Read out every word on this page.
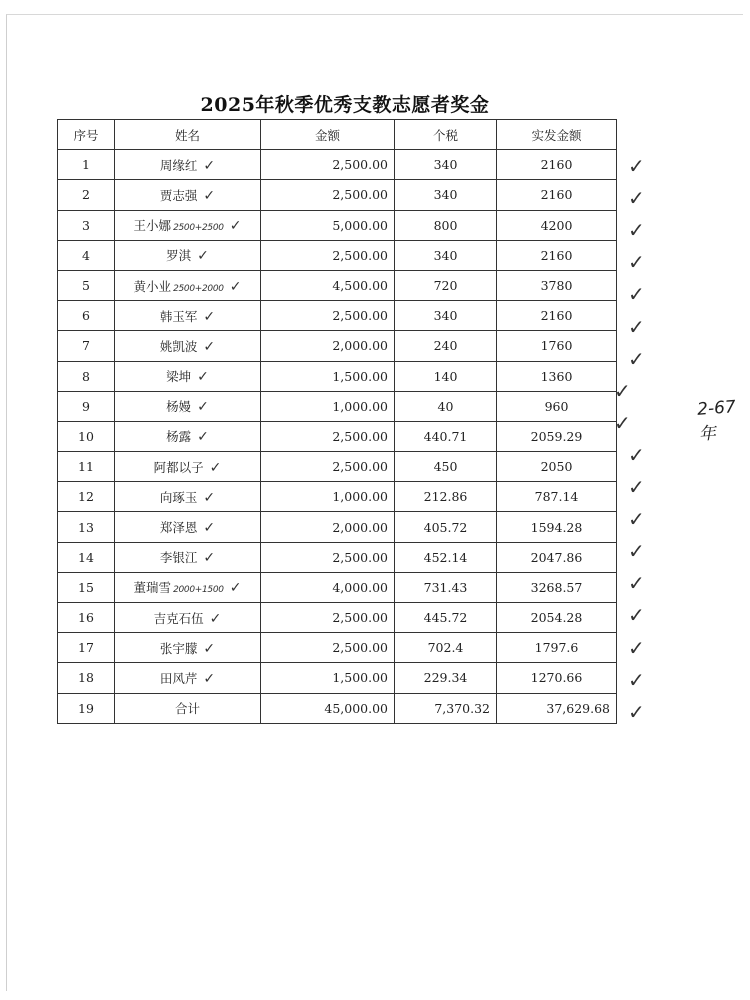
2025年秋季优秀支教志愿者奖金
序号	姓名	金额	个税	实发金额
1	周缘红 ✓	2,500.00	340	2160
2	贾志强 ✓	2,500.00	340	2160
3	王小娜 2500+2500 ✓	5,000.00	800	4200
4	罗淇 ✓	2,500.00	340	2160
5	黄小业 2500+2000 ✓	4,500.00	720	3780
6	韩玉军 ✓	2,500.00	340	2160
7	姚凯波 ✓	2,000.00	240	1760
8	梁坤 ✓	1,500.00	140	1360
9	杨嫚 ✓	1,000.00	40	960
10	杨露 ✓	2,500.00	440.71	2059.29
11	阿都以子 ✓	2,500.00	450	2050
12	向琢玉 ✓	1,000.00	212.86	787.14
13	郑泽恩 ✓	2,000.00	405.72	1594.28
14	李银江 ✓	2,500.00	452.14	2047.86
15	董瑞雪 2000+1500 ✓	4,000.00	731.43	3268.57
16	吉克石伍 ✓	2,500.00	445.72	2054.28
17	张宇朦 ✓	2,500.00	702.4	1797.6
18	田风芹 ✓	1,500.00	229.34	1270.66
19	合计	45,000.00	7,370.32	37,629.68
✓
✓
✓
✓
✓
✓
✓
✓
✓
✓
✓
✓
✓
✓
✓
✓
✓
✓
2-67年
